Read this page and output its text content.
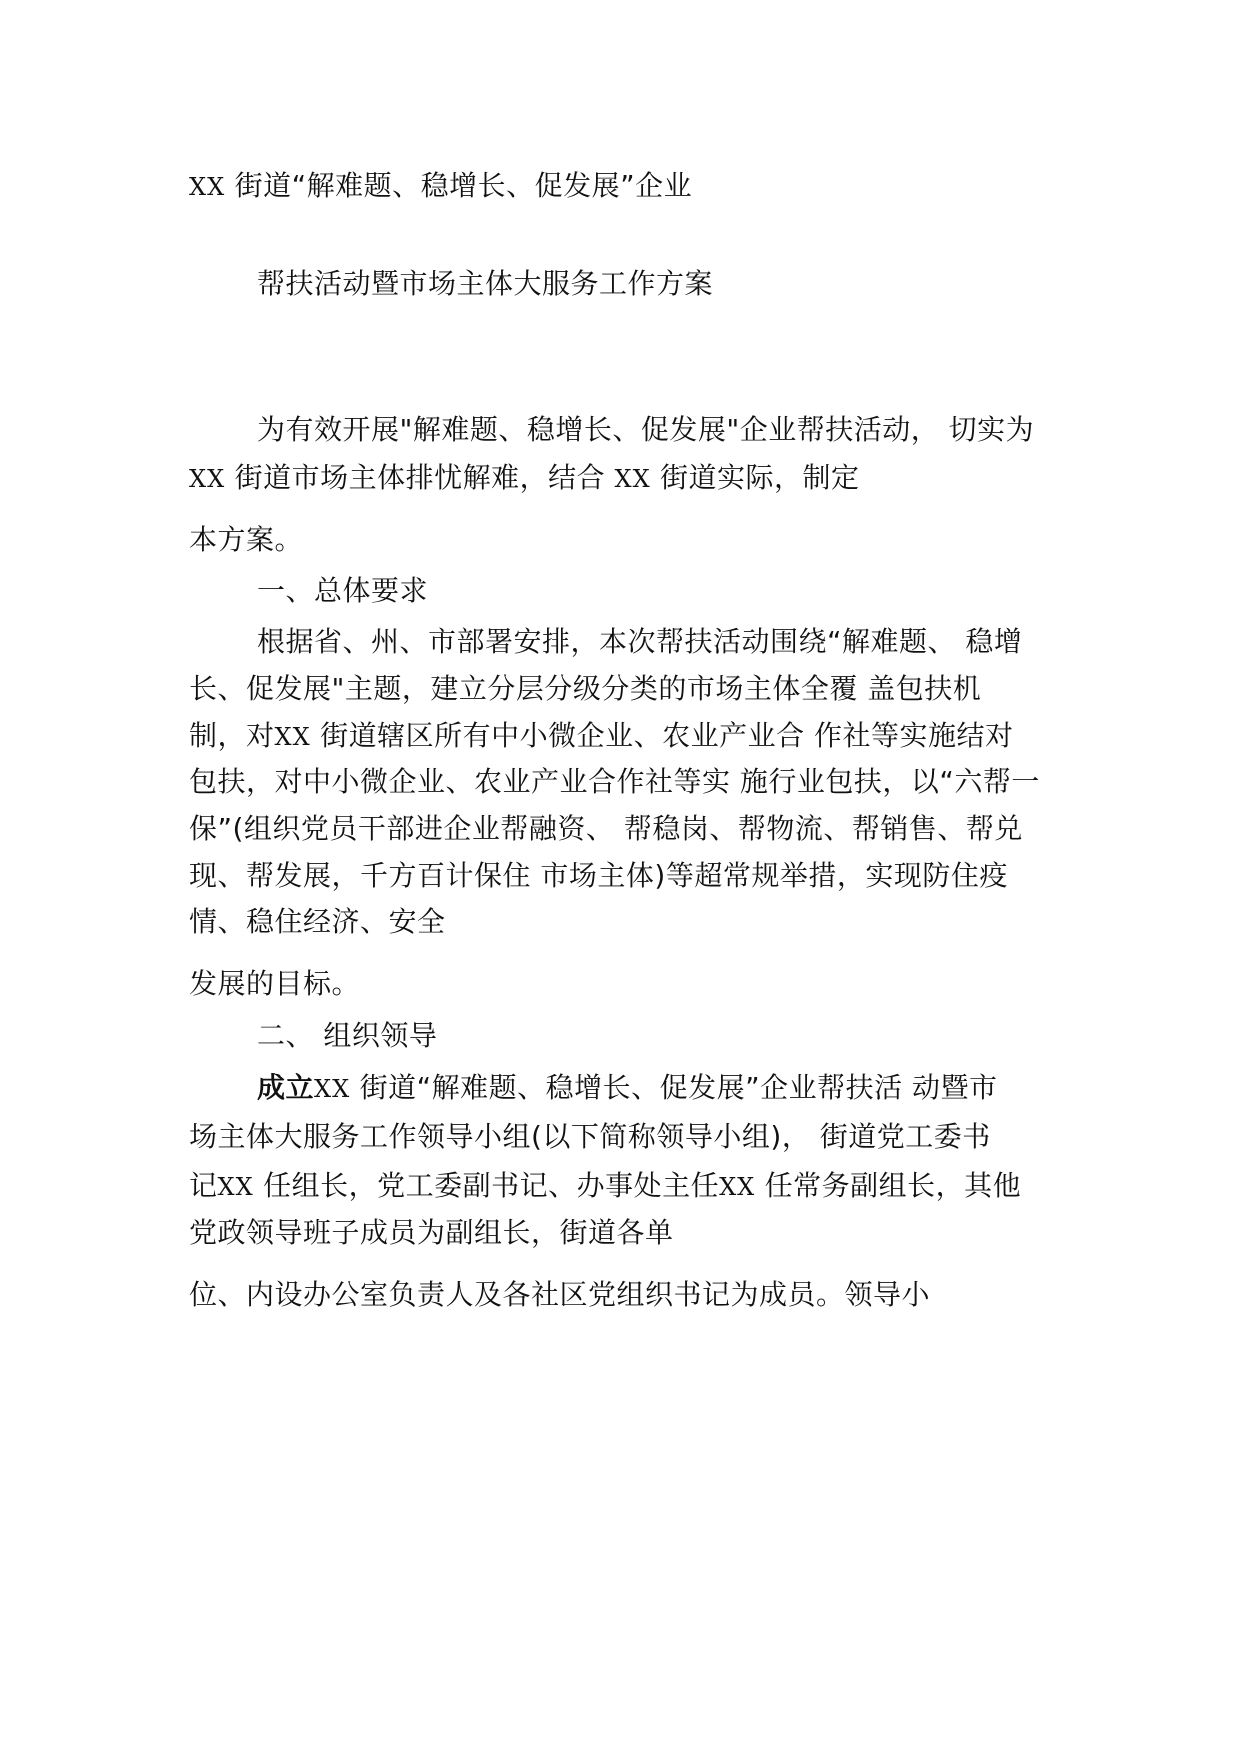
XX 街道“解难题、稳增长、促发展”企业

帮扶活动暨市场主体大服务工作方案

为有效开展"解难题、稳增长、促发展"企业帮扶活动， 切实为

XX 街道市场主体排忧解难，结合 XX 街道实际，制定

本方案。

一、总体要求

根据省、州、市部署安排，本次帮扶活动围绕“解难题、 稳增

长、促发展"主题，建立分层分级分类的市场主体全覆 盖包扶机

制，对XX 街道辖区所有中小微企业、农业产业合 作社等实施结对

包扶，对中小微企业、农业产业合作社等实 施行业包扶，以“六帮一

保”(组织党员干部进企业帮融资、 帮稳岗、帮物流、帮销售、帮兑

现、帮发展，千方百计保住 市场主体)等超常规举措，实现防住疫

情、稳住经济、安全

发展的目标。

二、 组织领导

成立XX 街道“解难题、稳增长、促发展”企业帮扶活 动暨市

场主体大服务工作领导小组(以下简称领导小组)， 街道党工委书

记XX 任组长，党工委副书记、办事处主任XX 任常务副组长，其他

党政领导班子成员为副组长，街道各单

位、内设办公室负责人及各社区党组织书记为成员。领导小
